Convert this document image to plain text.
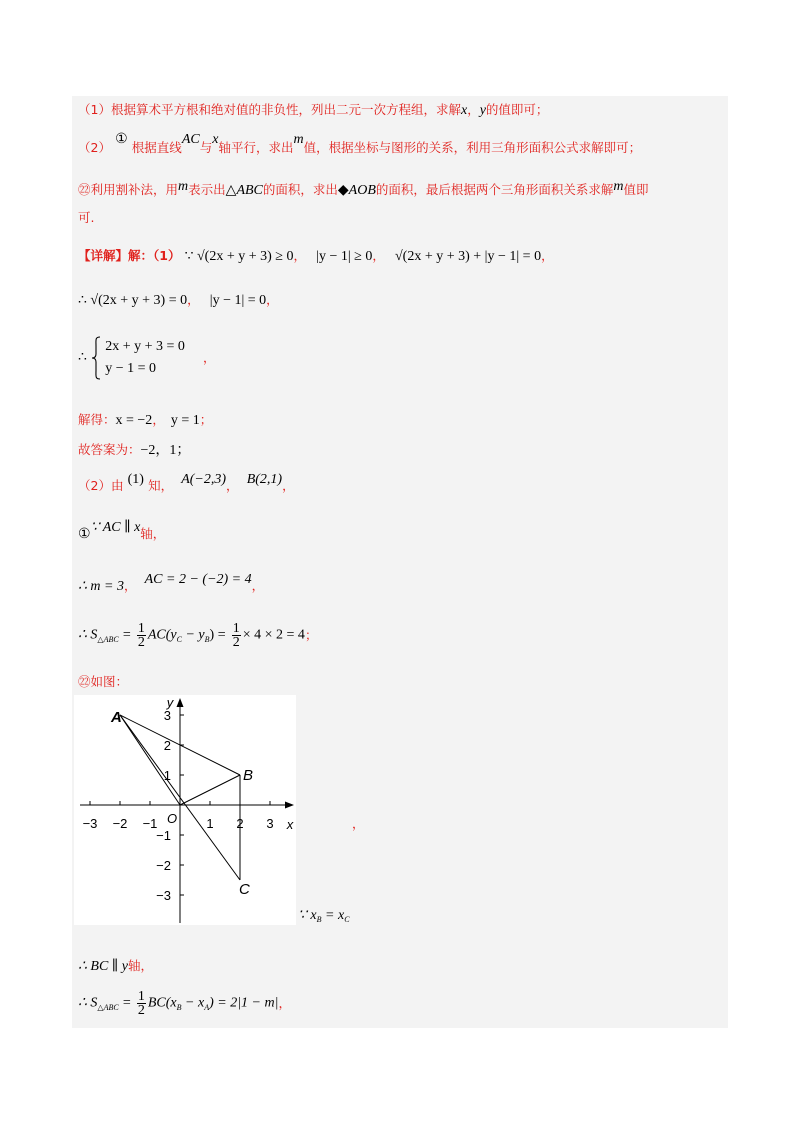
（1）根据算术平方根和绝对值的非负性，列出二元一次方程组，求解x，y的值即可；
（2） ① 根据直线AC与x轴平行，求出m值，根据坐标与图形的关系，利用三角形面积公式求解即可；
㉒利用割补法，用m表示出△ABC的面积，求出◆AOB的面积，最后根据两个三角形面积关系求解m值即
可.
【详解】解：（1） ∵ √(2x + y + 3) ≥ 0， |y − 1| ≥ 0， √(2x + y + 3) + |y − 1| = 0，
∴ √(2x + y + 3) = 0， |y − 1| = 0，
∴
2x + y + 3 = 0
y − 1 = 0
，
解得：x = −2， y = 1；
故答案为：−2，1；
（2）由 (1) 知， A(−2,3)， B(2,1)，
①∵ AC ∥ x轴，
∴ m = 3， AC = 2 − (−2) = 4，
∴ $S_{\triangle ABC} = \frac{1}{2} AC(y_C - y_B) = \frac{1}{2} \times 4 \times 2 = 4$；
㉒如图：
−3 −2 −1	1 2 3 x
y
3
2
1
−1
−2
−3
O
A
B
C
，
∵ $x_B = x_C$
∴ BC ∥ y轴，
∴ $S_{\triangle ABC} = \frac{1}{2} BC(x_B - x_A) = 2|1 - m|$，
